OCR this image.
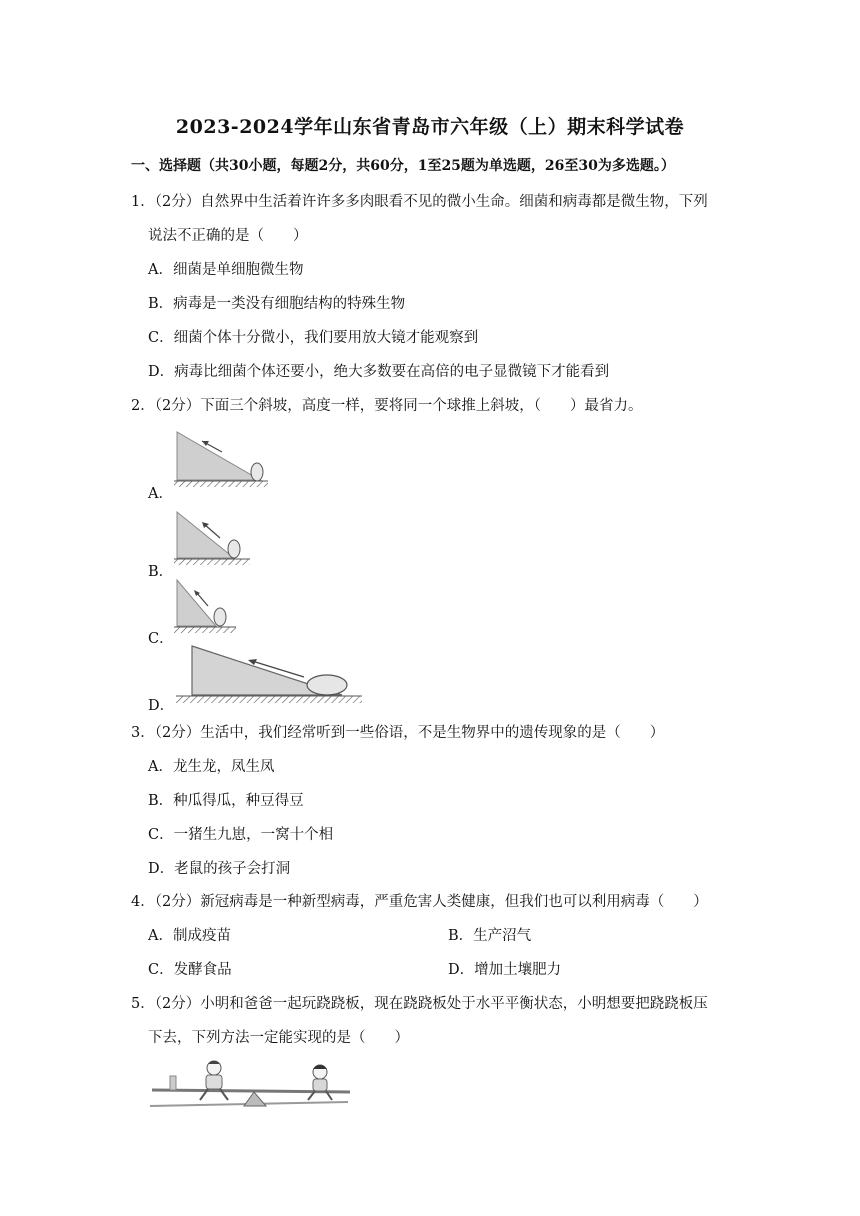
2023-2024学年山东省青岛市六年级（上）期末科学试卷
一、选择题（共30小题，每题2分，共60分，1至25题为单选题，26至30为多选题。）
1．（2分）自然界中生活着许许多多肉眼看不见的微小生命。细菌和病毒都是微生物，下列
说法不正确的是（　　）
A．细菌是单细胞微生物
B．病毒是一类没有细胞结构的特殊生物
C．细菌个体十分微小，我们要用放大镜才能观察到
D．病毒比细菌个体还要小，绝大多数要在高倍的电子显微镜下才能看到
2．（2分）下面三个斜坡，高度一样，要将同一个球推上斜坡，（　　）最省力。
A．
B．
C．
D．
3．（2分）生活中，我们经常听到一些俗语，不是生物界中的遗传现象的是（　　）
A．龙生龙，凤生凤
B．种瓜得瓜，种豆得豆
C．一猪生九崽，一窝十个相
D．老鼠的孩子会打洞
4．（2分）新冠病毒是一种新型病毒，严重危害人类健康，但我们也可以利用病毒（　　）
A．制成疫苗	B．生产沼气
C．发酵食品	D．增加土壤肥力
5．（2分）小明和爸爸一起玩跷跷板，现在跷跷板处于水平平衡状态，小明想要把跷跷板压
下去，下列方法一定能实现的是（　　）
